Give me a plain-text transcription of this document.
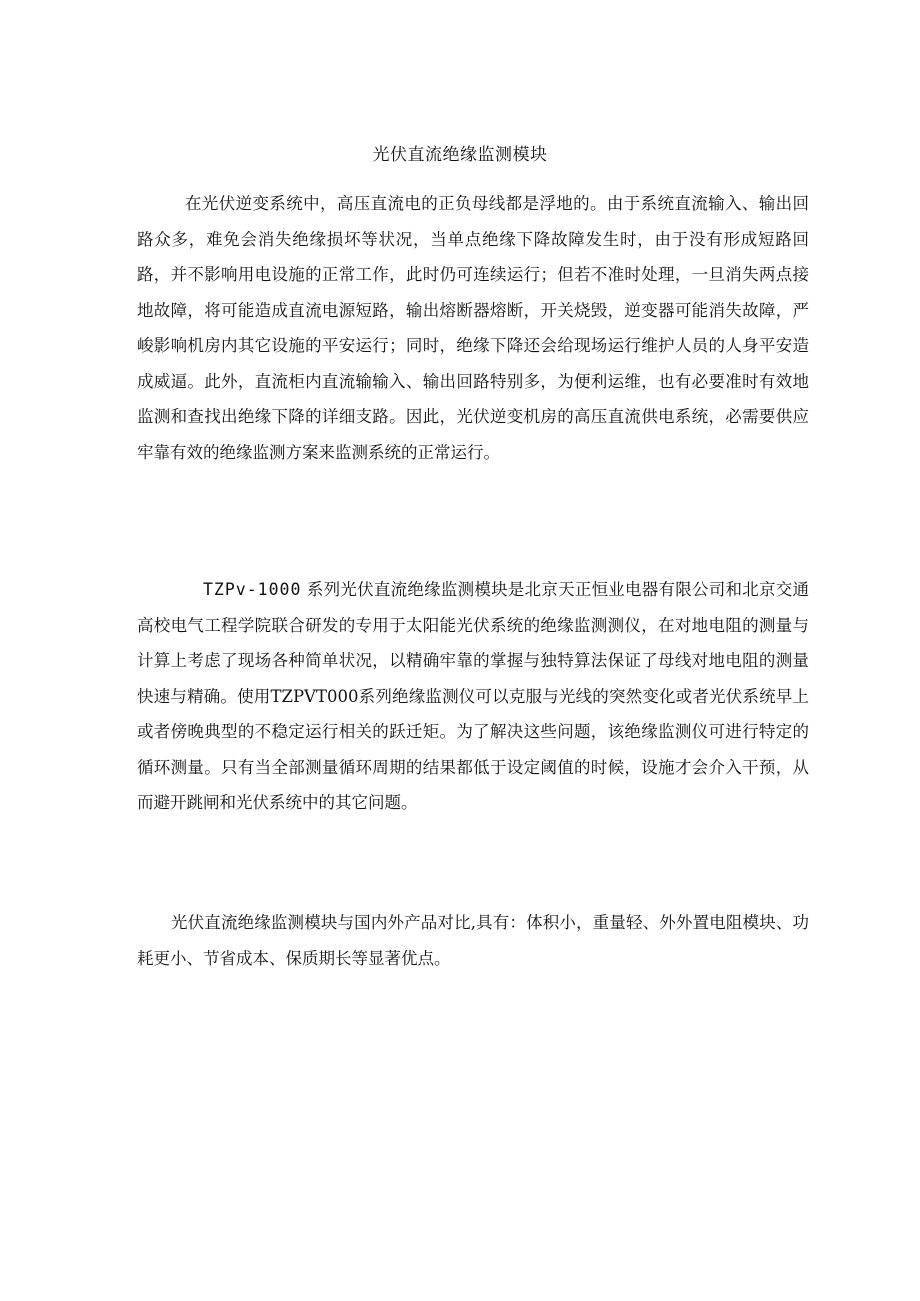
光伏直流绝缘监测模块

在光伏逆变系统中，高压直流电的正负母线都是浮地的。由于系统直流输入、输出回路众多，难免会消失绝缘损坏等状况，当单点绝缘下降故障发生时，由于没有形成短路回路，并不影响用电设施的正常工作，此时仍可连续运行；但若不准时处理，一旦消失两点接地故障，将可能造成直流电源短路，输出熔断器熔断，开关烧毁，逆变器可能消失故障，严峻影响机房内其它设施的平安运行；同时，绝缘下降还会给现场运行维护人员的人身平安造成威逼。此外，直流柜内直流输输入、输出回路特别多，为便利运维，也有必要准时有效地监测和查找出绝缘下降的详细支路。因此，光伏逆变机房的高压直流供电系统，必需要供应牢靠有效的绝缘监测方案来监测系统的正常运行。

TZPv-1000 系列光伏直流绝缘监测模块是北京天正恒业电器有限公司和北京交通高校电气工程学院联合研发的专用于太阳能光伏系统的绝缘监测测仪，在对地电阻的测量与计算上考虑了现场各种简单状况，以精确牢靠的掌握与独特算法保证了母线对地电阻的测量快速与精确。使用TZPVT000系列绝缘监测仪可以克服与光线的突然变化或者光伏系统早上或者傍晚典型的不稳定运行相关的跃迁矩。为了解决这些问题，该绝缘监测仪可进行特定的循环测量。只有当全部测量循环周期的结果都低于设定阈值的时候，设施才会介入干预，从而避开跳闸和光伏系统中的其它问题。

光伏直流绝缘监测模块与国内外产品对比,具有：体积小，重量轻、外外置电阻模块、功耗更小、节省成本、保质期长等显著优点。
